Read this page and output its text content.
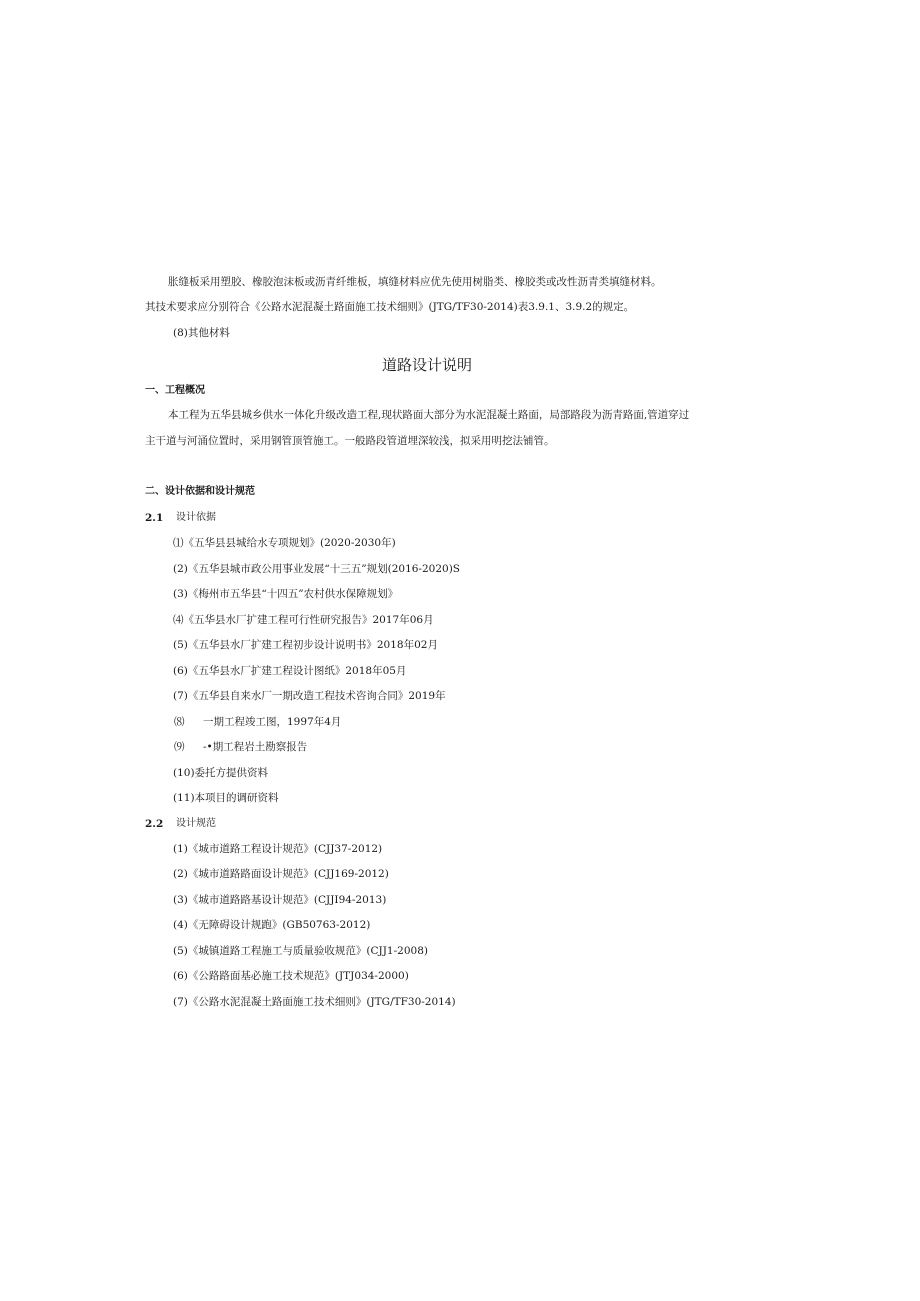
胀缝板采用塑胶、橡胶泡沫板或沥青纤维板，填缝材料应优先使用树脂类、橡胶类或改性沥青类填缝材料。
其技术要求应分别符合《公路水泥混凝土路面施工技术细则》(JTG/TF30-2014)表3.9.1、3.9.2的规定。
(8)其他材料
道路设计说明
一、工程概况
本工程为五华县城乡供水一体化升级改造工程,现状路面大部分为水泥混凝土路面，局部路段为沥青路面,管道穿过
主干道与河涌位置时，采用钢管顶管施工。一般路段管道埋深较浅，拟采用明挖法铺管。
二、设计依据和设计规范
2.1 设计依据
⑴《五华县县城给水专项规划》(2020-2030年)
(2)《五华县城市政公用事业发展“十三五”规划(2016-2020)S
(3)《梅州市五华县“十四五”农村供水保障规划》
⑷《五华县水厂扩建工程可行性研究报告》2017年06月
(5)《五华县水厂扩建工程初步设计说明书》2018年02月
(6)《五华县水厂扩建工程设计图纸》2018年05月
(7)《五华县自来水厂一期改造工程技术咨询合同》2019年
⑻ 一期工程竣工图，1997年4月
⑼ -•期工程岩土勘察报告
(10)委托方提供资料
(11)本项目的调研资料
2.2 设计规范
(1)《城市道路工程设计规范》(CJJ37-2012)
(2)《城市道路路面设计规范》(CJJ169-2012)
(3)《城市道路路基设计规范》(CJJI94-2013)
(4)《无障碍设计规跑》(GB50763-2012)
(5)《城镇道路工程施工与质量验收规范》(CJJ1-2008)
(6)《公路路面基必施工技术规范》(JTJ034-2000)
(7)《公路水泥混凝土路面施工技术细则》(JTG/TF30-2014)
